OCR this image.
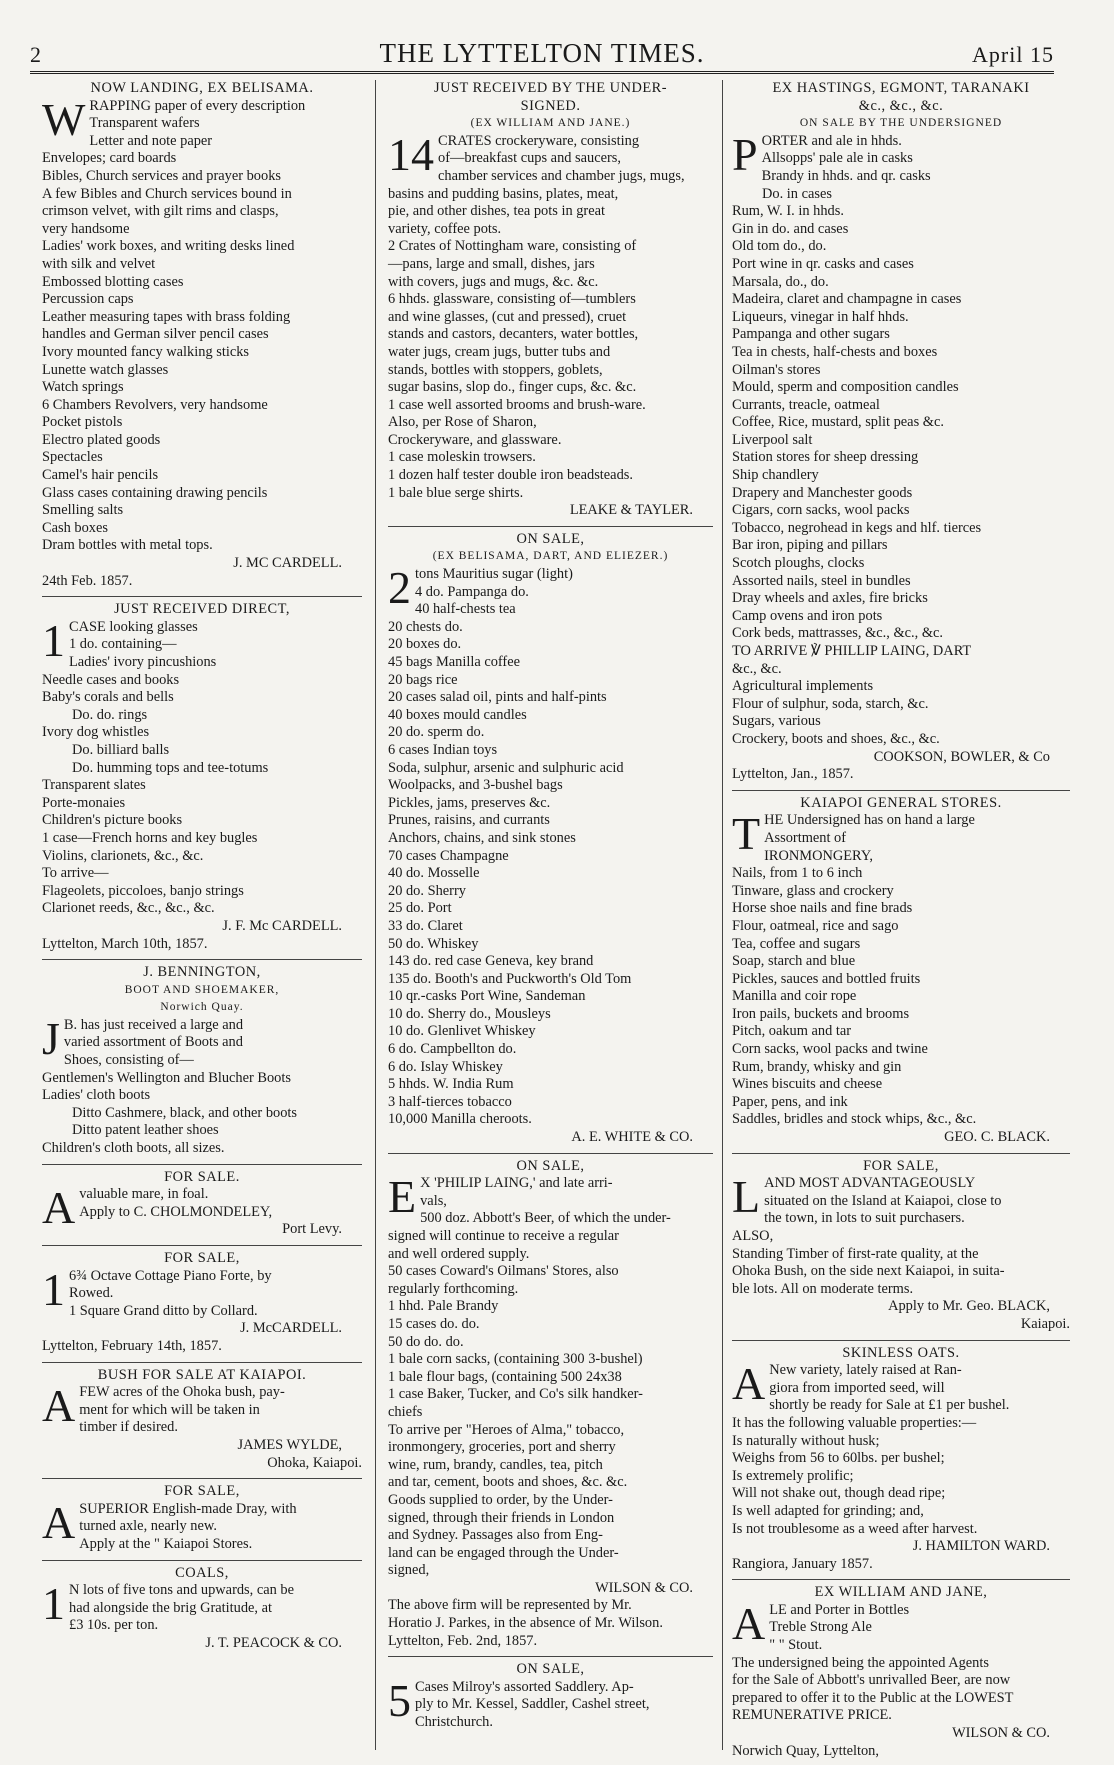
2	THE LYTTELTON TIMES.	April 15
NOW LANDING, EX BELISAMA.
W RAPPING paper of every description
Transparent wafers
Letter and note paper
Envelopes; card boards
Bibles, Church services and prayer books
A few Bibles and Church services bound in
crimson velvet, with gilt rims and clasps,
very handsome
Ladies' work boxes, and writing desks lined
with silk and velvet
Embossed blotting cases
Percussion caps
Leather measuring tapes with brass folding
handles and German silver pencil cases
Ivory mounted fancy walking sticks
Lunette watch glasses
Watch springs
6 Chambers Revolvers, very handsome
Pocket pistols
Electro plated goods
Spectacles
Camel's hair pencils
Glass cases containing drawing pencils
Smelling salts
Cash boxes
Dram bottles with metal tops.
J. MC CARDELL.
24th Feb. 1857.
JUST RECEIVED DIRECT,
1 CASE looking glasses
1 do. containing—
Ladies' ivory pincushions
Needle cases and books
Baby's corals and bells
Do. do. rings
Ivory dog whistles
Do. billiard balls
Do. humming tops and tee-totums
Transparent slates
Porte-monaies
Children's picture books
1 case—French horns and key bugles
Violins, clarionets, &c., &c.
To arrive—
Flageolets, piccoloes, banjo strings
Clarionet reeds, &c., &c., &c.
J. F. Mc CARDELL.
Lyttelton, March 10th, 1857.
J. BENNINGTON,
BOOT AND SHOEMAKER,
Norwich Quay.
J B. has just received a large and
varied assortment of Boots and
Shoes, consisting of—
Gentlemen's Wellington and Blucher Boots
Ladies' cloth boots
Ditto Cashmere, black, and other boots
Ditto patent leather shoes
Children's cloth boots, all sizes.
FOR SALE.
A valuable mare, in foal.
Apply to C. CHOLMONDELEY,
Port Levy.
FOR SALE,
1 6¾ Octave Cottage Piano Forte, by
Rowed.
1 Square Grand ditto by Collard.
J. McCARDELL.
Lyttelton, February 14th, 1857.
BUSH FOR SALE AT KAIAPOI.
A FEW acres of the Ohoka bush, pay-
ment for which will be taken in
timber if desired.
JAMES WYLDE,
Ohoka, Kaiapoi.
FOR SALE,
A SUPERIOR English-made Dray, with
turned axle, nearly new.
Apply at the " Kaiapoi Stores.
COALS,
1 N lots of five tons and upwards, can be
had alongside the brig Gratitude, at
£3 10s. per ton.
J. T. PEACOCK & CO.
JUST RECEIVED BY THE UNDER-
SIGNED.
(EX WILLIAM AND JANE.)
14 CRATES crockeryware, consisting
of—breakfast cups and saucers,
chamber services and chamber jugs, mugs,
basins and pudding basins, plates, meat,
pie, and other dishes, tea pots in great
variety, coffee pots.
2 Crates of Nottingham ware, consisting of
—pans, large and small, dishes, jars
with covers, jugs and mugs, &c. &c.
6 hhds. glassware, consisting of—tumblers
and wine glasses, (cut and pressed), cruet
stands and castors, decanters, water bottles,
water jugs, cream jugs, butter tubs and
stands, bottles with stoppers, goblets,
sugar basins, slop do., finger cups, &c. &c.
1 case well assorted brooms and brush-ware.
Also, per Rose of Sharon,
Crockeryware, and glassware.
1 case moleskin trowsers.
1 dozen half tester double iron beadsteads.
1 bale blue serge shirts.
LEAKE & TAYLER.
ON SALE,
(EX BELISAMA, DART, AND ELIEZER.)
2 tons Mauritius sugar (light)
4 do. Pampanga do.
40 half-chests tea
20 chests do.
20 boxes do.
45 bags Manilla coffee
20 bags rice
20 cases salad oil, pints and half-pints
40 boxes mould candles
20 do. sperm do.
6 cases Indian toys
Soda, sulphur, arsenic and sulphuric acid
Woolpacks, and 3-bushel bags
Pickles, jams, preserves &c.
Prunes, raisins, and currants
Anchors, chains, and sink stones
70 cases Champagne
40 do. Mosselle
20 do. Sherry
25 do. Port
33 do. Claret
50 do. Whiskey
143 do. red case Geneva, key brand
135 do. Booth's and Puckworth's Old Tom
10 qr.-casks Port Wine, Sandeman
10 do. Sherry do., Mousleys
10 do. Glenlivet Whiskey
6 do. Campbellton do.
6 do. Islay Whiskey
5 hhds. W. India Rum
3 half-tierces tobacco
10,000 Manilla cheroots.
A. E. WHITE & CO.
ON SALE,
E X 'PHILIP LAING,' and late arri-
vals,
500 doz. Abbott's Beer, of which the under-
signed will continue to receive a regular
and well ordered supply.
50 cases Coward's Oilmans' Stores, also
regularly forthcoming.
1 hhd. Pale Brandy
15 cases do. do.
50 do do. do.
1 bale corn sacks, (containing 300 3-bushel)
1 bale flour bags, (containing 500 24x38
1 case Baker, Tucker, and Co's silk handker-
chiefs
To arrive per "Heroes of Alma," tobacco,
ironmongery, groceries, port and sherry
wine, rum, brandy, candles, tea, pitch
and tar, cement, boots and shoes, &c. &c.
Goods supplied to order, by the Under-
signed, through their friends in London
and Sydney. Passages also from Eng-
land can be engaged through the Under-
signed,
WILSON & CO.
The above firm will be represented by Mr.
Horatio J. Parkes, in the absence of Mr. Wilson.
Lyttelton, Feb. 2nd, 1857.
ON SALE,
5 Cases Milroy's assorted Saddlery. Ap-
ply to Mr. Kessel, Saddler, Cashel street,
Christchurch.
EX HASTINGS, EGMONT, TARANAKI
&c., &c., &c.
ON SALE BY THE UNDERSIGNED
P ORTER and ale in hhds.
Allsopps' pale ale in casks
Brandy in hhds. and qr. casks
Do. in cases
Rum, W. I. in hhds.
Gin in do. and cases
Old tom do., do.
Port wine in qr. casks and cases
Marsala, do., do.
Madeira, claret and champagne in cases
Liqueurs, vinegar in half hhds.
Pampanga and other sugars
Tea in chests, half-chests and boxes
Oilman's stores
Mould, sperm and composition candles
Currants, treacle, oatmeal
Coffee, Rice, mustard, split peas &c.
Liverpool salt
Station stores for sheep dressing
Ship chandlery
Drapery and Manchester goods
Cigars, corn sacks, wool packs
Tobacco, negrohead in kegs and hlf. tierces
Bar iron, piping and pillars
Scotch ploughs, clocks
Assorted nails, steel in bundles
Dray wheels and axles, fire bricks
Camp ovens and iron pots
Cork beds, mattrasses, &c., &c., &c.
TO ARRIVE ℣ PHILLIP LAING, DART
&c., &c.
Agricultural implements
Flour of sulphur, soda, starch, &c.
Sugars, various
Crockery, boots and shoes, &c., &c.
COOKSON, BOWLER, & Co
Lyttelton, Jan., 1857.
KAIAPOI GENERAL STORES.
T HE Undersigned has on hand a large
Assortment of
IRONMONGERY,
Nails, from 1 to 6 inch
Tinware, glass and crockery
Horse shoe nails and fine brads
Flour, oatmeal, rice and sago
Tea, coffee and sugars
Soap, starch and blue
Pickles, sauces and bottled fruits
Manilla and coir rope
Iron pails, buckets and brooms
Pitch, oakum and tar
Corn sacks, wool packs and twine
Rum, brandy, whisky and gin
Wines biscuits and cheese
Paper, pens, and ink
Saddles, bridles and stock whips, &c., &c.
GEO. C. BLACK.
FOR SALE,
L AND MOST ADVANTAGEOUSLY
situated on the Island at Kaiapoi, close to
the town, in lots to suit purchasers.
ALSO,
Standing Timber of first-rate quality, at the
Ohoka Bush, on the side next Kaiapoi, in suita-
ble lots. All on moderate terms.
Apply to Mr. Geo. BLACK,
Kaiapoi.
SKINLESS OATS.
A New variety, lately raised at Ran-
giora from imported seed, will
shortly be ready for Sale at £1 per bushel.
It has the following valuable properties:—
Is naturally without husk;
Weighs from 56 to 60lbs. per bushel;
Is extremely prolific;
Will not shake out, though dead ripe;
Is well adapted for grinding; and,
Is not troublesome as a weed after harvest.
J. HAMILTON WARD.
Rangiora, January 1857.
EX WILLIAM AND JANE,
A LE and Porter in Bottles
Treble Strong Ale
" " Stout.
The undersigned being the appointed Agents
for the Sale of Abbott's unrivalled Beer, are now
prepared to offer it to the Public at the LOWEST
REMUNERATIVE PRICE.
WILSON & CO.
Norwich Quay, Lyttelton,
